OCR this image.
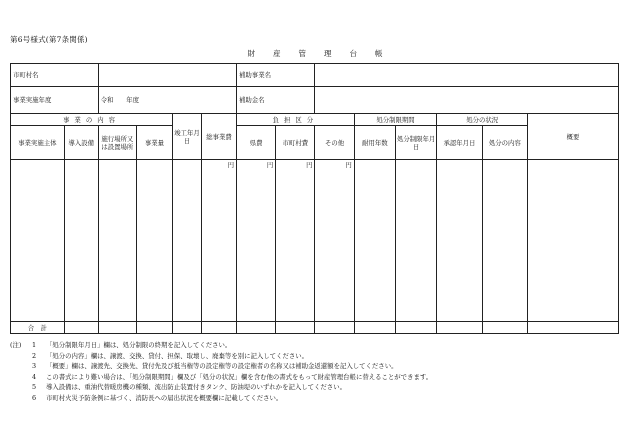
第6号様式(第7条関係)
財 産 管 理 台 帳
市町村名						補助事業名							
事業実施年度		令和　　年度				補助金名							
事業の内容				竣工年月日	総事業費	負担区分			処分制限期間		処分の状況		概要
事業実施主体	導入設備	施行場所又は設置場所	事業量			県費	市町村費	その他	耐用年数	処分制限年月日	承認年月日	処分の内容	
					円	円	円	円					
合　計													
(注)	1	「処分制限年月日」欄は、処分制限の終期を記入してください。
2	「処分の内容」欄は、譲渡、交換、貸付、担保、取壊し、廃棄等を別に記入してください。
3	「概要」欄は、譲渡先、交換先、貸付先及び抵当権等の設定権等の設定権者の名称又は補助金返還額を記入してください。
4	この書式により難い場合は、「処分制限期間」欄及び「処分の状況」欄を含む他の書式をもって財産管理台帳に替えることができます。
5	導入設備は、重油代替暖房機の種類、流出防止装置付きタンク、防油堤のいずれかを記入してください。
6	市町村火災予防条例に基づく、消防長への届出状況を概要欄に記載してください。
